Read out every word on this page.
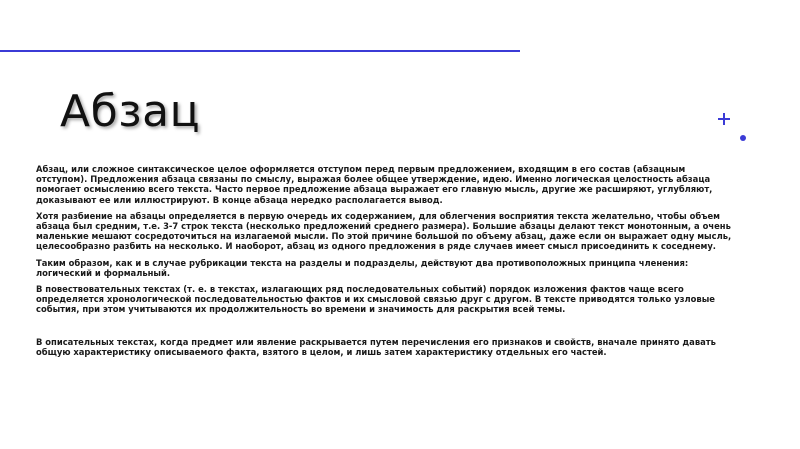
Абзац

Абзац, или сложное синтаксическое целое оформляется отступом перед первым предложением, входящим в его состав (абзацным отступом). Предложения абзаца связаны по смыслу, выражая более общее утверждение, идею. Именно логическая целостность абзаца помогает осмыслению всего текста. Часто первое предложение абзаца выражает его главную мысль, другие же расширяют, углубляют, доказывают ее или иллюстрируют. В конце абзаца нередко располагается вывод.

Хотя разбиение на абзацы определяется в первую очередь их содержанием, для облегчения восприятия текста желательно, чтобы объем абзаца был средним, т.е. 3-7 строк текста (несколько предложений среднего размера). Большие абзацы делают текст монотонным, а очень маленькие мешают сосредоточиться на излагаемой мысли. По этой причине большой по объему абзац, даже если он выражает одну мысль, целесообразно разбить на несколько. И наоборот, абзац из одного предложения в ряде случаев имеет смысл присоединить к соседнему.

Таким образом, как и в случае рубрикации текста на разделы и подразделы, действуют два противоположных принципа членения: логический и формальный.

В повествовательных текстах (т. е. в текстах, излагающих ряд последовательных событий) порядок изложения фактов чаще всего определяется хронологической последовательностью фактов и их смысловой связью друг с другом. В тексте приводятся только узловые события, при этом учитываются их продолжительность во времени и значимость для раскрытия всей темы.

В описательных текстах, когда предмет или явление раскрывается путем перечисления его признаков и свойств, вначале принято давать общую характеристику описываемого факта, взятого в целом, и лишь затем характеристику отдельных его частей.
